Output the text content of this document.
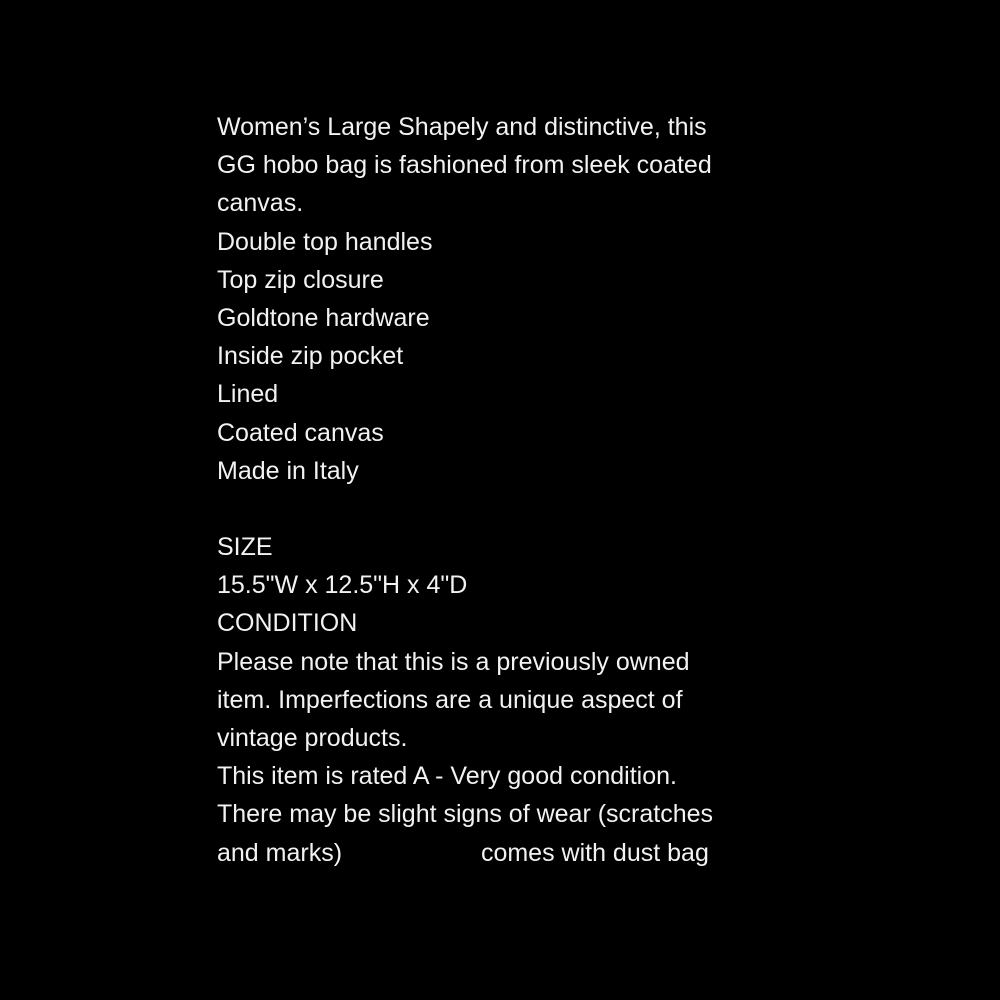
Women’s Large Shapely and distinctive, this
GG hobo bag is fashioned from sleek coated
canvas.
Double top handles
Top zip closure
Goldtone hardware
Inside zip pocket
Lined
Coated canvas
Made in Italy
SIZE
15.5"W x 12.5"H x 4"D
CONDITION
Please note that this is a previously owned
item. Imperfections are a unique aspect of
vintage products.
This item is rated A - Very good condition.
There may be slight signs of wear (scratches
and marks)                    comes with dust bag
